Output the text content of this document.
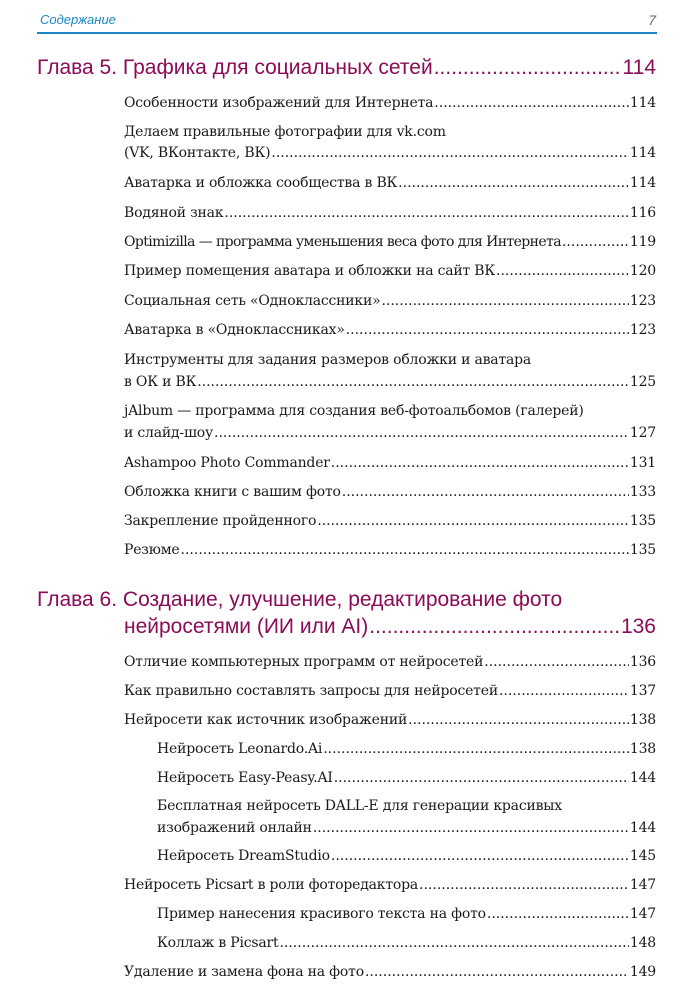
Содержание	7
Глава 5. Графика для социальных сетей .....	114
Особенности изображений для Интернета .....	114
Делаем правильные фотографии для vk.com
(VK, ВКонтакте, ВК) .....	114
Аватарка и обложка сообщества в ВК .....	114
Водяной знак .....	116
Optimizilla — программа уменьшения веса фото для Интернета .....	119
Пример помещения аватара и обложки на сайт ВК .....	120
Социальная сеть «Одноклассники» .....	123
Аватарка в «Одноклассниках» .....	123
Инструменты для задания размеров обложки и аватара
в ОК и ВК .....	125
jAlbum — программа для создания веб-фотоальбомов (галерей)
и слайд-шоу .....	127
Ashampoo Photo Commander .....	131
Обложка книги с вашим фото .....	133
Закрепление пройденного .....	135
Резюме .....	135
Глава 6. Создание, улучшение, редактирование фото
нейросетями (ИИ или AI) .....	136
Отличие компьютерных программ от нейросетей .....	136
Как правильно составлять запросы для нейросетей .....	137
Нейросети как источник изображений .....	138
Нейросеть Leonardo.Ai .....	138
Нейросеть Easy-Peasy.AI .....	144
Бесплатная нейросеть DALL-E для генерации красивых
изображений онлайн .....	144
Нейросеть DreamStudio .....	145
Нейросеть Picsart в роли фоторедактора .....	147
Пример нанесения красивого текста на фото .....	147
Коллаж в Picsart .....	148
Удаление и замена фона на фото .....	149
